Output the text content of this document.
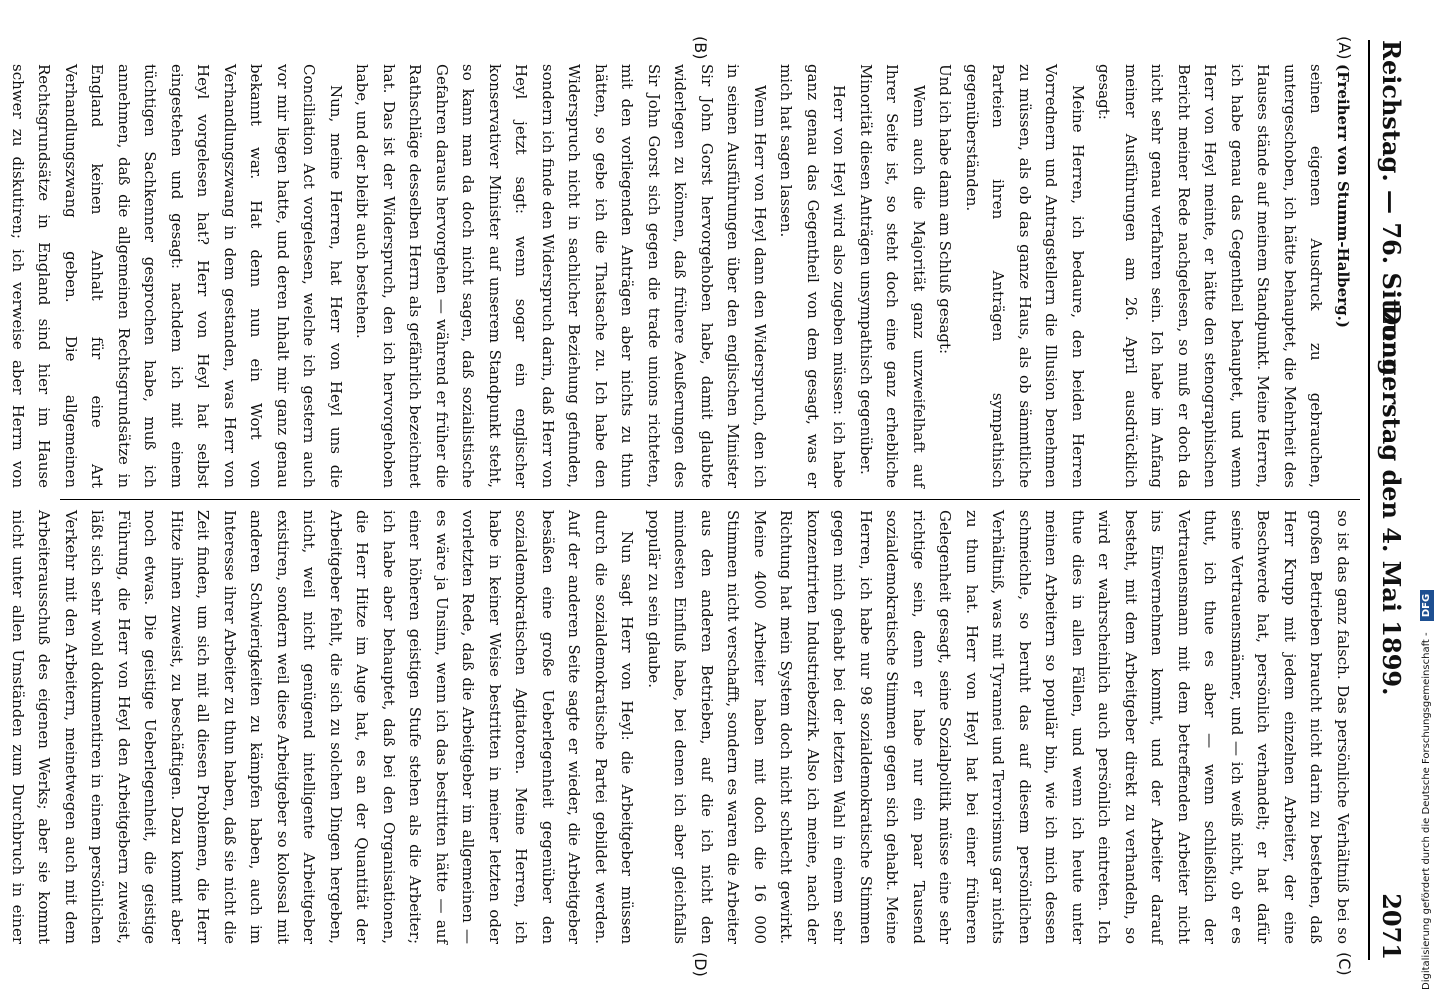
Reichstag. — 76. Sitzung.
Donnerstag den 4. Mai 1899.
2071
(A)
(B)
(C)
(D)

(Freiherr von Stumm-Halberg.)

seinen eigenen Ausdruck zu gebrauchen, untergeschoben, ich hätte behauptet, die Mehrheit des Hauses stände auf meinem Standpunkt. Meine Herren, ich habe genau das Gegentheil behauptet, und wenn Herr von Heyl meinte, er hätte den stenographischen Bericht meiner Rede nachgelesen, so muß er doch da nicht sehr genau verfahren sein. Ich habe im Anfang meiner Ausführungen am 26. April ausdrücklich gesagt:

Meine Herren, ich bedaure, den beiden Herren Vorrednern und Antragstellern die Illusion benehmen zu müssen, als ob das ganze Haus, als ob sämmtliche Parteien ihren Anträgen sympathisch gegenüberständen.

Und ich habe dann am Schluß gesagt:

Wenn auch die Majorität ganz unzweifelhaft auf Ihrer Seite ist, so steht doch eine ganz erhebliche Minorität diesen Anträgen unsympathisch gegenüber.

Herr von Heyl wird also zugeben müssen: ich habe ganz genau das Gegentheil von dem gesagt, was er mich hat sagen lassen.

Wenn Herr von Heyl dann den Widerspruch, den ich in seinen Ausführungen über den englischen Minister Sir John Gorst hervorgehoben habe, damit glaubte widerlegen zu können, daß frühere Aeußerungen des Sir John Gorst sich gegen die trade unions richteten, mit den vorliegenden Anträgen aber nichts zu thun hätten, so gebe ich die Thatsache zu. Ich habe den Widerspruch nicht in sachlicher Beziehung gefunden, sondern ich finde den Widerspruch darin, daß Herr von Heyl jetzt sagt: wenn sogar ein englischer konservativer Minister auf unserem Standpunkt steht, so kann man da doch nicht sagen, daß sozialistische Gefahren daraus hervorgehen — während er früher die Rathschläge desselben Herrn als gefährlich bezeichnet hat. Das ist der Widerspruch, den ich hervorgehoben habe, und der bleibt auch bestehen.

Nun, meine Herren, hat Herr von Heyl uns die Conciliation Act vorgelesen, welche ich gestern auch vor mir liegen hatte, und deren Inhalt mir ganz genau bekannt war. Hat denn nun ein Wort von Verhandlungszwang in dem gestanden, was Herr von Heyl vorgelesen hat? Herr von Heyl hat selbst eingestehen und gesagt: nachdem ich mit einem tüchtigen Sachkenner gesprochen habe, muß ich annehmen, daß die allgemeinen Rechtsgrundsätze in England keinen Anhalt für eine Art Verhandlungszwang geben. Die allgemeinen Rechtsgrundsätze in England sind hier im Hause schwer zu diskutiren; ich verweise aber Herrn von

so ist das ganz falsch. Das persönliche Verhältniß bei so großen Betrieben braucht nicht darin zu bestehen, daß Herr Krupp mit jedem einzelnen Arbeiter, der eine Beschwerde hat, persönlich verhandelt; er hat dafür seine Vertrauensmänner, und — ich weiß nicht, ob er es thut, ich thue es aber — wenn schließlich der Vertrauensmann mit dem betreffenden Arbeiter nicht ins Einvernehmen kommt, und der Arbeiter darauf besteht, mit dem Arbeitgeber direkt zu verhandeln, so wird er wahrscheinlich auch persönlich eintreten. Ich thue dies in allen Fällen, und wenn ich heute unter meinen Arbeitern so populär bin, wie ich mich dessen schmeichle, so beruht das auf diesem persönlichen Verhältniß, was mit Tyrannei und Terrorismus gar nichts zu thun hat. Herr von Heyl hat bei einer früheren Gelegenheit gesagt, seine Sozialpolitik müsse eine sehr richtige sein, denn er habe nur ein paar Tausend sozialdemokratische Stimmen gegen sich gehabt. Meine Herren, ich habe nur 98 sozialdemokratische Stimmen gegen mich gehabt bei der letzten Wahl in einem sehr konzentrirten Industriebezirk. Also ich meine, nach der Richtung hat mein System doch nicht schlecht gewirkt. Meine 4000 Arbeiter haben mit doch die 16 000 Stimmen nicht verschafft, sondern es waren die Arbeiter aus den anderen Betrieben, auf die ich nicht den mindesten Einfluß habe, bei denen ich aber gleichfalls populär zu sein glaube.

Nun sagt Herr von Heyl: die Arbeitgeber müssen durch die sozialdemokratische Partei gebildet werden. Auf der anderen Seite sagte er wieder, die Arbeitgeber besäßen eine große Ueberlegenheit gegenüber den sozialdemokratischen Agitatoren. Meine Herren, ich habe in keiner Weise bestritten in meiner letzten oder vorletzten Rede, daß die Arbeitgeber im allgemeinen — es wäre ja Unsinn, wenn ich das bestritten hätte — auf einer höheren geistigen Stufe stehen als die Arbeiter; ich habe aber behauptet, daß bei den Organisationen, die Herr Hitze im Auge hat, es an der Quantität der Arbeitgeber fehlt, die sich zu solchen Dingen hergeben, nicht, weil nicht genügend intelligente Arbeitgeber existiren, sondern weil diese Arbeitgeber so kolossal mit anderen Schwierigkeiten zu kämpfen haben, auch im Interesse ihrer Arbeiter zu thun haben, daß sie nicht die Zeit finden, um sich mit all diesen Problemen, die Herr Hitze ihnen zuweist, zu beschäftigen. Dazu kommt aber noch etwas. Die geistige Ueberlegenheit, die geistige Führung, die Herr von Heyl den Arbeitgebern zuweist, läßt sich sehr wohl dokumentiren in einem persönlichen Verkehr mit den Arbeitern, meinetwegen auch mit dem Arbeiterausschuß des eigenen Werks; aber sie kommt nicht unter allen Umständen zum Durchbruch in einer	Digitalisierung gefördert durch die Deutsche Forschungsgemeinschaft - DFG
